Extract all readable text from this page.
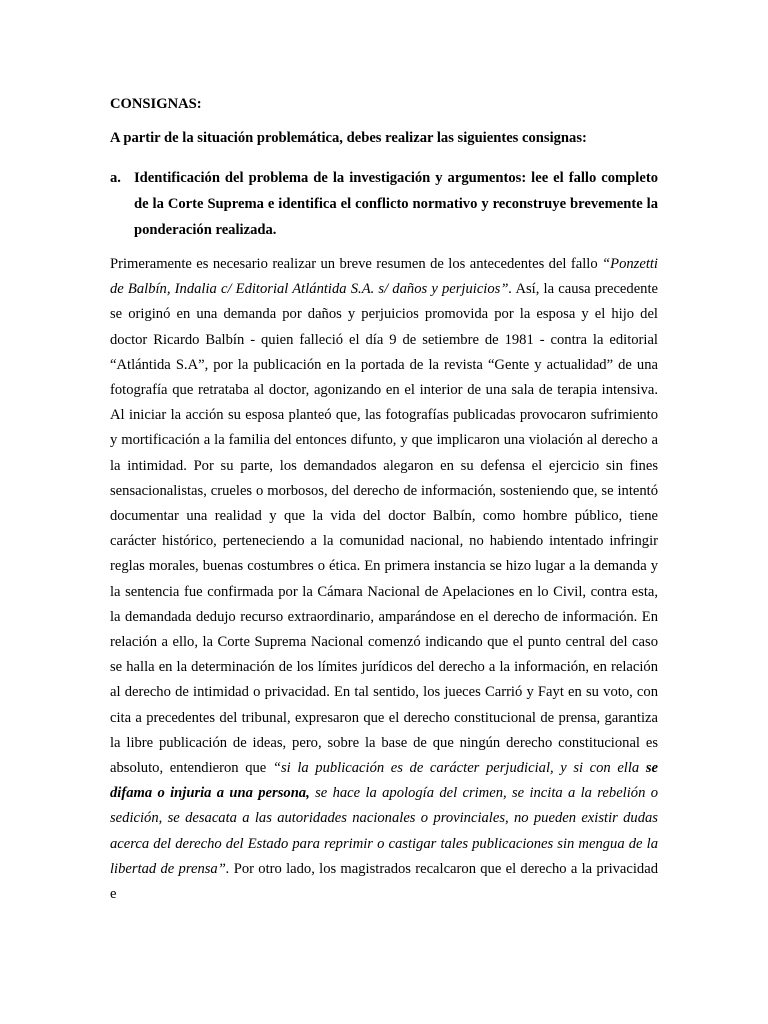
CONSIGNAS:

A partir de la situación problemática, debes realizar las siguientes consignas:

a. Identificación del problema de la investigación y argumentos: lee el fallo completo de la Corte Suprema e identifica el conflicto normativo y reconstruye brevemente la ponderación realizada.

Primeramente es necesario realizar un breve resumen de los antecedentes del fallo “Ponzetti de Balbín, Indalia c/ Editorial Atlántida S.A. s/ daños y perjuicios”. Así, la causa precedente se originó en una demanda por daños y perjuicios promovida por la esposa y el hijo del doctor Ricardo Balbín - quien falleció el día 9 de setiembre de 1981 - contra la editorial “Atlántida S.A”, por la publicación en la portada de la revista “Gente y actualidad” de una fotografía que retrataba al doctor, agonizando en el interior de una sala de terapia intensiva. Al iniciar la acción su esposa planteó que, las fotografías publicadas provocaron sufrimiento y mortificación a la familia del entonces difunto, y que implicaron una violación al derecho a la intimidad. Por su parte, los demandados alegaron en su defensa el ejercicio sin fines sensacionalistas, crueles o morbosos, del derecho de información, sosteniendo que, se intentó documentar una realidad y que la vida del doctor Balbín, como hombre público, tiene carácter histórico, perteneciendo a la comunidad nacional, no habiendo intentado infringir reglas morales, buenas costumbres o ética. En primera instancia se hizo lugar a la demanda y la sentencia fue confirmada por la Cámara Nacional de Apelaciones en lo Civil, contra esta, la demandada dedujo recurso extraordinario, amparándose en el derecho de información. En relación a ello, la Corte Suprema Nacional comenzó indicando que el punto central del caso se halla en la determinación de los límites jurídicos del derecho a la información, en relación al derecho de intimidad o privacidad. En tal sentido, los jueces Carrió y Fayt en su voto, con cita a precedentes del tribunal, expresaron que el derecho constitucional de prensa, garantiza la libre publicación de ideas, pero, sobre la base de que ningún derecho constitucional es absoluto, entendieron que “si la publicación es de carácter perjudicial, y si con ella se difama o injuria a una persona, se hace la apología del crimen, se incita a la rebelión o sedición, se desacata a las autoridades nacionales o provinciales, no pueden existir dudas acerca del derecho del Estado para reprimir o castigar tales publicaciones sin mengua de la libertad de prensa”. Por otro lado, los magistrados recalcaron que el derecho a la privacidad e
